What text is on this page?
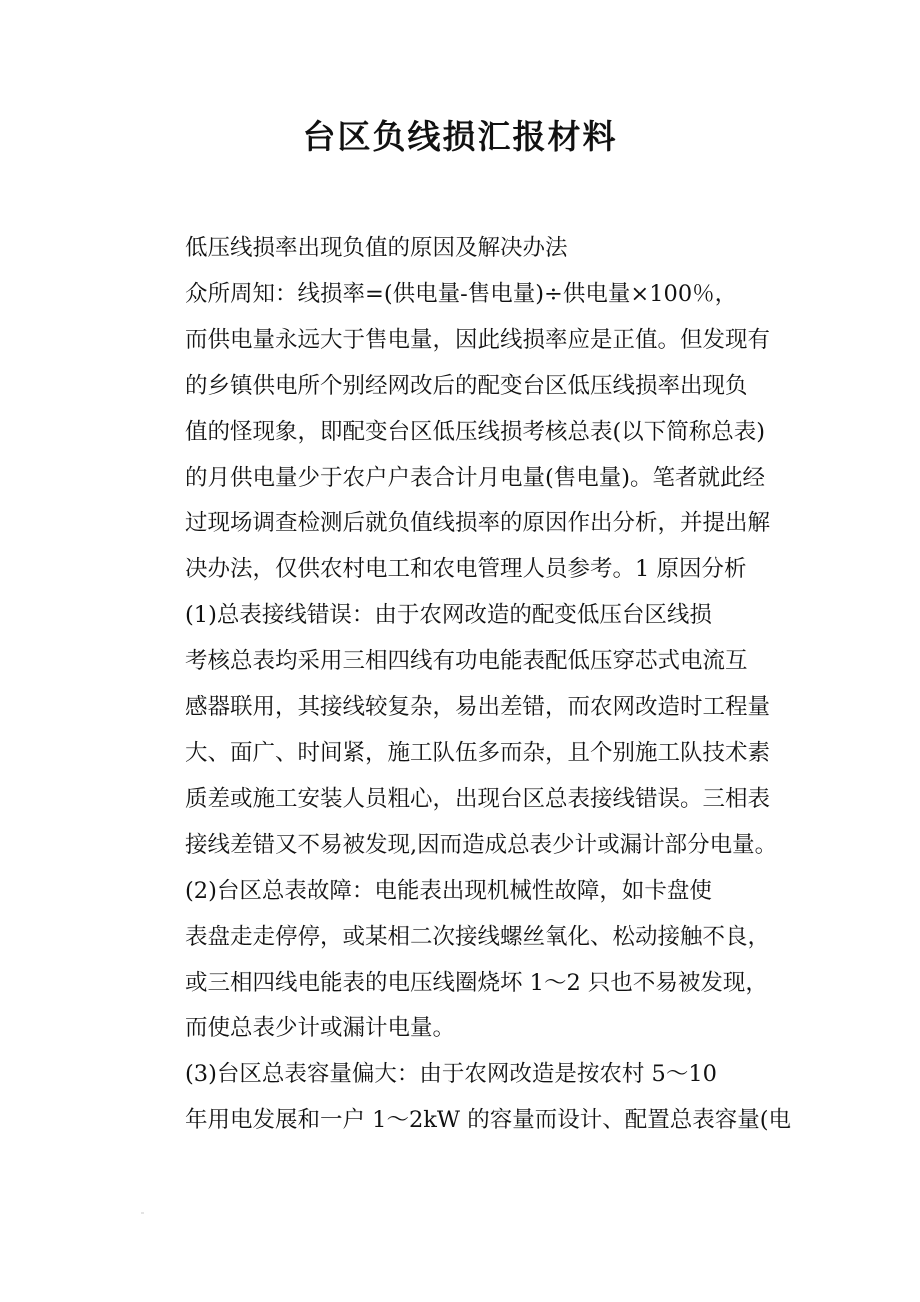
台区负线损汇报材料

低压线损率出现负值的原因及解决办法

众所周知：线损率=(供电量-售电量)÷供电量×100％，
而供电量永远大于售电量，因此线损率应是正值。但发现有
的乡镇供电所个别经网改后的配变台区低压线损率出现负
值的怪现象，即配变台区低压线损考核总表(以下简称总表)
的月供电量少于农户户表合计月电量(售电量)。笔者就此经
过现场调查检测后就负值线损率的原因作出分析，并提出解
决办法，仅供农村电工和农电管理人员参考。1 原因分析

(1)总表接线错误：由于农网改造的配变低压台区线损
考核总表均采用三相四线有功电能表配低压穿芯式电流互
感器联用，其接线较复杂，易出差错，而农网改造时工程量
大、面广、时间紧，施工队伍多而杂，且个别施工队技术素
质差或施工安装人员粗心，出现台区总表接线错误。三相表
接线差错又不易被发现,因而造成总表少计或漏计部分电量。

(2)台区总表故障：电能表出现机械性故障，如卡盘使
表盘走走停停，或某相二次接线螺丝氧化、松动接触不良，
或三相四线电能表的电压线圈烧坏 1～2 只也不易被发现，
而使总表少计或漏计电量。

(3)台区总表容量偏大：由于农网改造是按农村 5～10
年用电发展和一户 1～2kW 的容量而设计、配置总表容量(电
